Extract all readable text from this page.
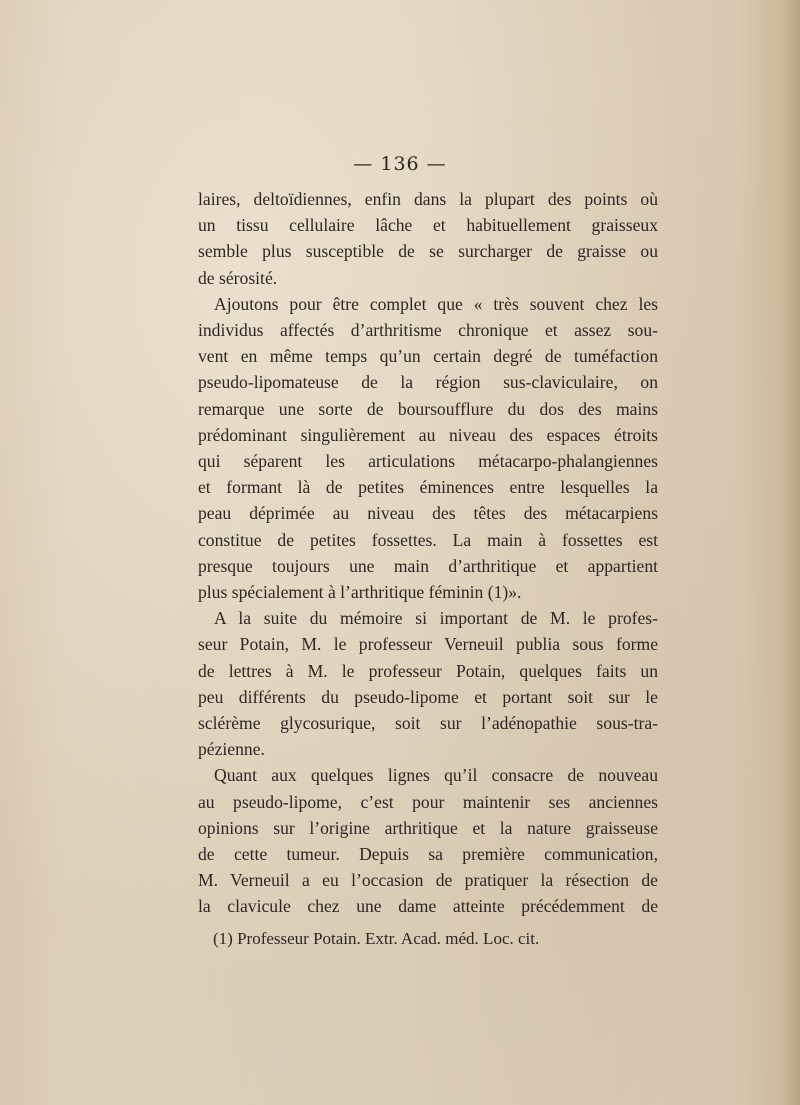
— 136 —
laires, deltoïdiennes, enfin dans la plupart des points où
un tissu cellulaire lâche et habituellement graisseux
semble plus susceptible de se surcharger de graisse ou
de sérosité.
Ajoutons pour être complet que « très souvent chez les
individus affectés d’arthritisme chronique et assez sou-
vent en même temps qu’un certain degré de tuméfaction
pseudo-lipomateuse de la région sus-claviculaire, on
remarque une sorte de boursoufflure du dos des mains
prédominant singulièrement au niveau des espaces étroits
qui séparent les articulations métacarpo-phalangiennes
et formant là de petites éminences entre lesquelles la
peau déprimée au niveau des têtes des métacarpiens
constitue de petites fossettes. La main à fossettes est
presque toujours une main d’arthritique et appartient
plus spécialement à l’arthritique féminin (1)».
A la suite du mémoire si important de M. le profes-
seur Potain, M. le professeur Verneuil publia sous forme
de lettres à M. le professeur Potain, quelques faits un
peu différents du pseudo-lipome et portant soit sur le
sclérème glycosurique, soit sur l’adénopathie sous-tra-
pézienne.
Quant aux quelques lignes qu’il consacre de nouveau
au pseudo-lipome, c’est pour maintenir ses anciennes
opinions sur l’origine arthritique et la nature graisseuse
de cette tumeur. Depuis sa première communication,
M. Verneuil a eu l’occasion de pratiquer la résection de
la clavicule chez une dame atteinte précédemment de
(1) Professeur Potain. Extr. Acad. méd. Loc. cit.
